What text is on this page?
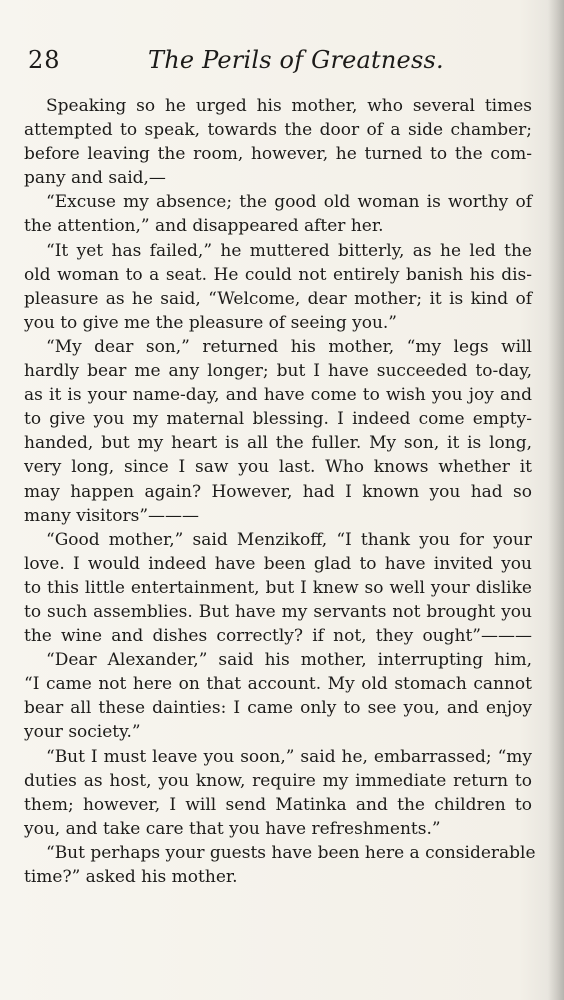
28	The Perils of Greatness.
Speaking so he urged his mother, who several times
attempted to speak, towards the door of a side chamber;
before leaving the room, however, he turned to the com-
pany and said,—
“Excuse my absence; the good old woman is worthy of
the attention,” and disappeared after her.
“It yet has failed,” he muttered bitterly, as he led the
old woman to a seat. He could not entirely banish his dis-
pleasure as he said, “Welcome, dear mother; it is kind of
you to give me the pleasure of seeing you.”
“My dear son,” returned his mother, “my legs will
hardly bear me any longer; but I have succeeded to-day,
as it is your name-day, and have come to wish you joy and
to give you my maternal blessing. I indeed come empty-
handed, but my heart is all the fuller. My son, it is long,
very long, since I saw you last. Who knows whether it
may happen again? However, had I known you had so
many visitors”———
“Good mother,” said Menzikoff, “I thank you for your
love. I would indeed have been glad to have invited you
to this little entertainment, but I knew so well your dislike
to such assemblies. But have my servants not brought you
the wine and dishes correctly? if not, they ought”———
“Dear Alexander,” said his mother, interrupting him,
“I came not here on that account. My old stomach cannot
bear all these dainties: I came only to see you, and enjoy
your society.”
“But I must leave you soon,” said he, embarrassed; “my
duties as host, you know, require my immediate return to
them; however, I will send Matinka and the children to
you, and take care that you have refreshments.”
“But perhaps your guests have been here a considerable
time?” asked his mother.
